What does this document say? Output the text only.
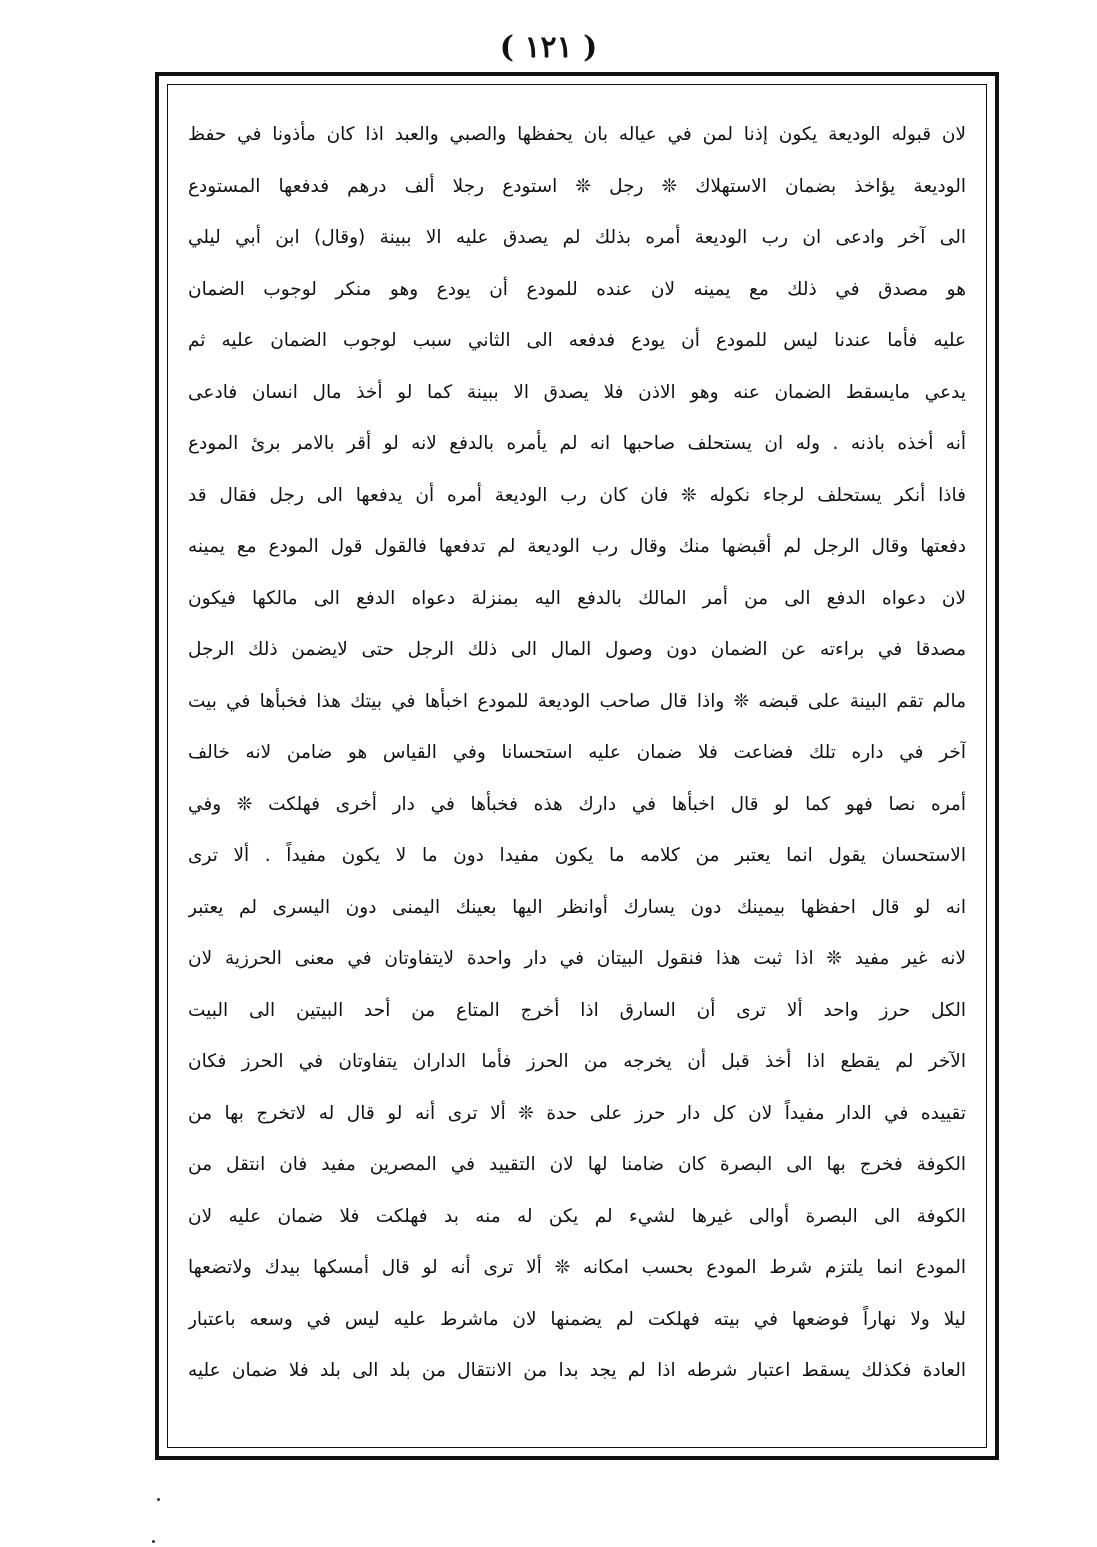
( ١٢١ )
لان قبوله الوديعة يكون إذنا لمن في عياله بان يحفظها والصبي والعبد اذا كان مأذونا في حفظ
الوديعة يؤاخذ بضمان الاستهلاك ❊ رجل ❊ استودع رجلا ألف درهم فدفعها المستودع
الى آخر وادعى ان رب الوديعة أمره بذلك لم يصدق عليه الا ببينة (وقال) ابن أبي ليلي
هو مصدق في ذلك مع يمينه لان عنده للمودع أن يودع وهو منكر لوجوب الضمان
عليه فأما عندنا ليس للمودع أن يودع فدفعه الى الثاني سبب لوجوب الضمان عليه ثم
يدعي مايسقط الضمان عنه وهو الاذن فلا يصدق الا ببينة كما لو أخذ مال انسان فادعى
أنه أخذه باذنه . وله ان يستحلف صاحبها انه لم يأمره بالدفع لانه لو أقر بالامر برئ المودع
فاذا أنكر يستحلف لرجاء نكوله ❊ فان كان رب الوديعة أمره أن يدفعها الى رجل فقال قد
دفعتها وقال الرجل لم أقبضها منك وقال رب الوديعة لم تدفعها فالقول قول المودع مع يمينه
لان دعواه الدفع الى من أمر المالك بالدفع اليه بمنزلة دعواه الدفع الى مالكها فيكون
مصدقا في براءته عن الضمان دون وصول المال الى ذلك الرجل حتى لايضمن ذلك الرجل
مالم تقم البينة على قبضه ❊ واذا قال صاحب الوديعة للمودع اخبأها في بيتك هذا فخبأها في بيت
آخر في داره تلك فضاعت فلا ضمان عليه استحسانا وفي القياس هو ضامن لانه خالف
أمره نصا فهو كما لو قال اخبأها في دارك هذه فخبأها في دار أخرى فهلكت ❊ وفي
الاستحسان يقول انما يعتبر من كلامه ما يكون مفيدا دون ما لا يكون مفيداً . ألا ترى
انه لو قال احفظها بيمينك دون يسارك أوانظر اليها بعينك اليمنى دون اليسرى لم يعتبر
لانه غير مفيد ❊ اذا ثبت هذا فنقول البيتان في دار واحدة لايتفاوتان في معنى الحرزية لان
الكل حرز واحد ألا ترى أن السارق اذا أخرج المتاع من أحد البيتين الى البيت
الآخر لم يقطع اذا أخذ قبل أن يخرجه من الحرز فأما الداران يتفاوتان في الحرز فكان
تقييده في الدار مفيداً لان كل دار حرز على حدة ❊ ألا ترى أنه لو قال له لاتخرج بها من
الكوفة فخرج بها الى البصرة كان ضامنا لها لان التقييد في المصرين مفيد فان انتقل من
الكوفة الى البصرة أوالى غيرها لشيء لم يكن له منه بد فهلكت فلا ضمان عليه لان
المودع انما يلتزم شرط المودع بحسب امكانه ❊ ألا ترى أنه لو قال أمسكها بيدك ولاتضعها
ليلا ولا نهاراً فوضعها في بيته فهلكت لم يضمنها لان ماشرط عليه ليس في وسعه باعتبار
العادة فكذلك يسقط اعتبار شرطه اذا لم يجد بدا من الانتقال من بلد الى بلد فلا ضمان عليه
